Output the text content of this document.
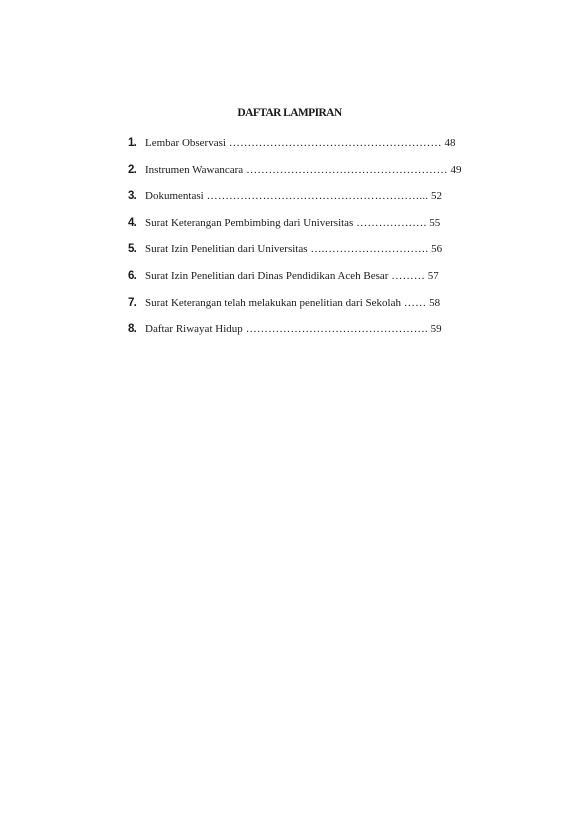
DAFTAR LAMPIRAN
1. Lembar Observasi ………………………………………………… 48
2. Instrumen Wawancara ……………………………………………… 49
3. Dokumentasi …………………………………………………... 52
4. Surat Keterangan Pembimbing dari Universitas ………………. 55
5. Surat Izin Penelitian dari Universitas ….………………………. 56
6. Surat Izin Penelitian dari Dinas Pendidikan Aceh Besar ……… 57
7. Surat Keterangan telah melakukan penelitian dari Sekolah …… 58
8. Daftar Riwayat Hidup …………………………………………. 59
